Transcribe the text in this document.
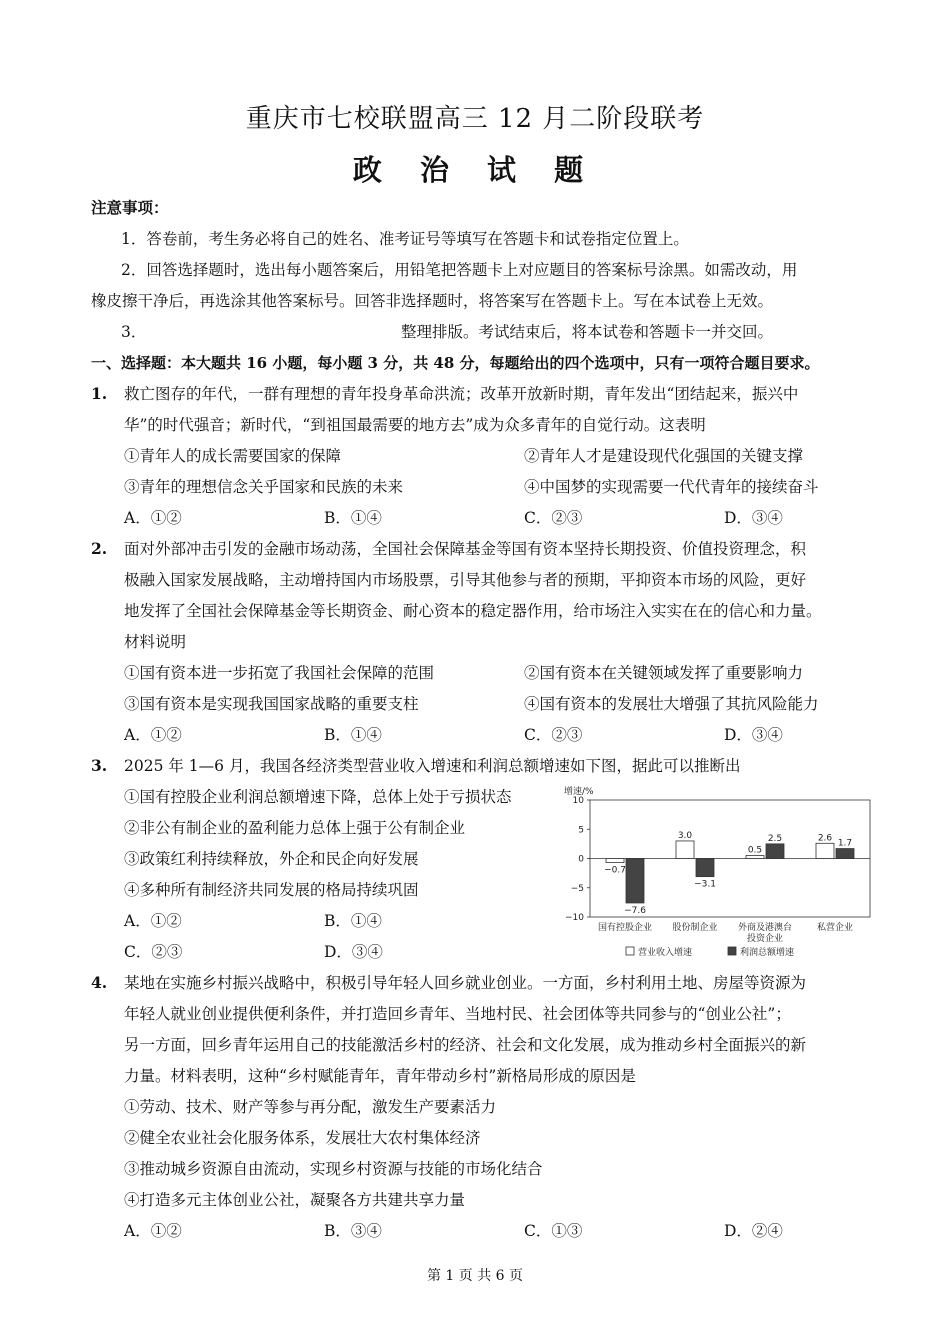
重庆市七校联盟高三 12 月二阶段联考
政 治 试 题
注意事项：
1．答卷前，考生务必将自己的姓名、准考证号等填写在答题卡和试卷指定位置上。
2．回答选择题时，选出每小题答案后，用铅笔把答题卡上对应题目的答案标号涂黑。如需改动，用
橡皮擦干净后，再选涂其他答案标号。回答非选择题时，将答案写在答题卡上。写在本试卷上无效。
3．	整理排版。考试结束后，将本试卷和答题卡一并交回。
一、选择题：本大题共 16 小题，每小题 3 分，共 48 分，每题给出的四个选项中，只有一项符合题目要求。
1. 救亡图存的年代，一群有理想的青年投身革命洪流；改革开放新时期，青年发出“团结起来，振兴中
华”的时代强音；新时代，“到祖国最需要的地方去”成为众多青年的自觉行动。这表明
①青年人的成长需要国家的保障	②青年人才是建设现代化强国的关键支撑
③青年的理想信念关乎国家和民族的未来	④中国梦的实现需要一代代青年的接续奋斗
A．①②	B．①④	C．②③	D．③④
2. 面对外部冲击引发的金融市场动荡，全国社会保障基金等国有资本坚持长期投资、价值投资理念，积
极融入国家发展战略，主动增持国内市场股票，引导其他参与者的预期，平抑资本市场的风险，更好
地发挥了全国社会保障基金等长期资金、耐心资本的稳定器作用，给市场注入实实在在的信心和力量。
材料说明
①国有资本进一步拓宽了我国社会保障的范围	②国有资本在关键领域发挥了重要影响力
③国有资本是实现我国国家战略的重要支柱	④国有资本的发展壮大增强了其抗风险能力
A．①②	B．①④	C．②③	D．③④
3. 2025 年 1—6 月，我国各经济类型营业收入增速和利润总额增速如下图，据此可以推断出
①国有控股企业利润总额增速下降，总体上处于亏损状态
②非公有制企业的盈利能力总体上强于公有制企业
③政策红利持续释放，外企和民企向好发展
④多种所有制经济共同发展的格局持续巩固
A．①②	B．①④
C．②③	D．③④
增速/%
10
5
0
−5
−10
−0.7
−7.6
国有控股企业
3.0
−3.1
股份制企业
0.5
2.5
外商及港澳台
投资企业
2.6
1.7
私营企业
营业收入增速	利润总额增速
4. 某地在实施乡村振兴战略中，积极引导年轻人回乡就业创业。一方面，乡村利用土地、房屋等资源为
年轻人就业创业提供便利条件，并打造回乡青年、当地村民、社会团体等共同参与的“创业公社”；
另一方面，回乡青年运用自己的技能激活乡村的经济、社会和文化发展，成为推动乡村全面振兴的新
力量。材料表明，这种“乡村赋能青年，青年带动乡村”新格局形成的原因是
①劳动、技术、财产等参与再分配，激发生产要素活力
②健全农业社会化服务体系，发展壮大农村集体经济
③推动城乡资源自由流动，实现乡村资源与技能的市场化结合
④打造多元主体创业公社，凝聚各方共建共享力量
A．①②	B．③④	C．①③	D．②④
第 1 页 共 6 页
